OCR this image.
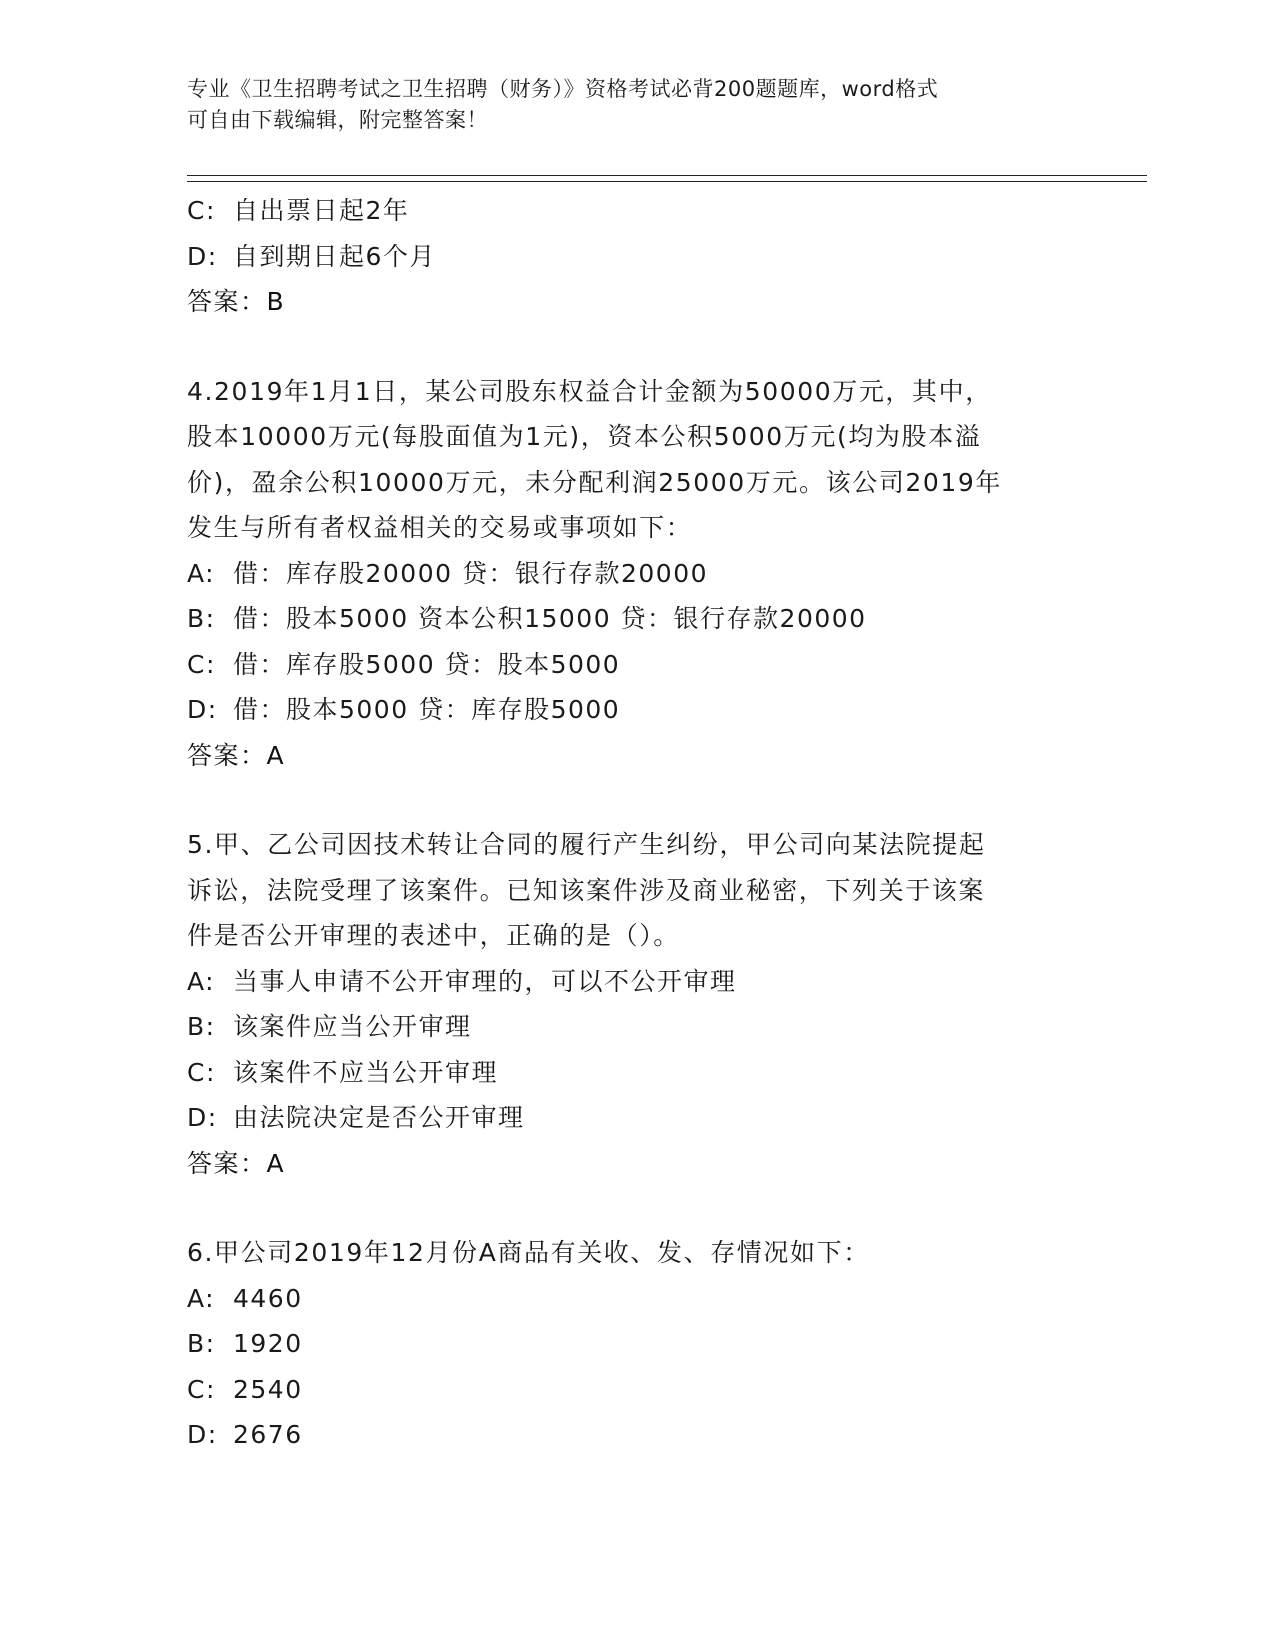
专业《卫生招聘考试之卫生招聘（财务）》资格考试必背200题题库，word格式
可自由下载编辑，附完整答案！
C: 自出票日起2年
D: 自到期日起6个月
答案：B
4.2019年1月1日，某公司股东权益合计金额为50000万元，其中，
股本10000万元(每股面值为1元)，资本公积5000万元(均为股本溢
价)，盈余公积10000万元，未分配利润25000万元。该公司2019年
发生与所有者权益相关的交易或事项如下：
A: 借：库存股20000 贷：银行存款20000
B: 借：股本5000 资本公积15000 贷：银行存款20000
C: 借：库存股5000 贷：股本5000
D: 借：股本5000 贷：库存股5000
答案：A
5.甲、乙公司因技术转让合同的履行产生纠纷，甲公司向某法院提起
诉讼，法院受理了该案件。已知该案件涉及商业秘密，下列关于该案
件是否公开审理的表述中，正确的是（）。
A: 当事人申请不公开审理的，可以不公开审理
B: 该案件应当公开审理
C: 该案件不应当公开审理
D: 由法院决定是否公开审理
答案：A
6.甲公司2019年12月份A商品有关收、发、存情况如下：
A: 4460
B: 1920
C: 2540
D: 2676
